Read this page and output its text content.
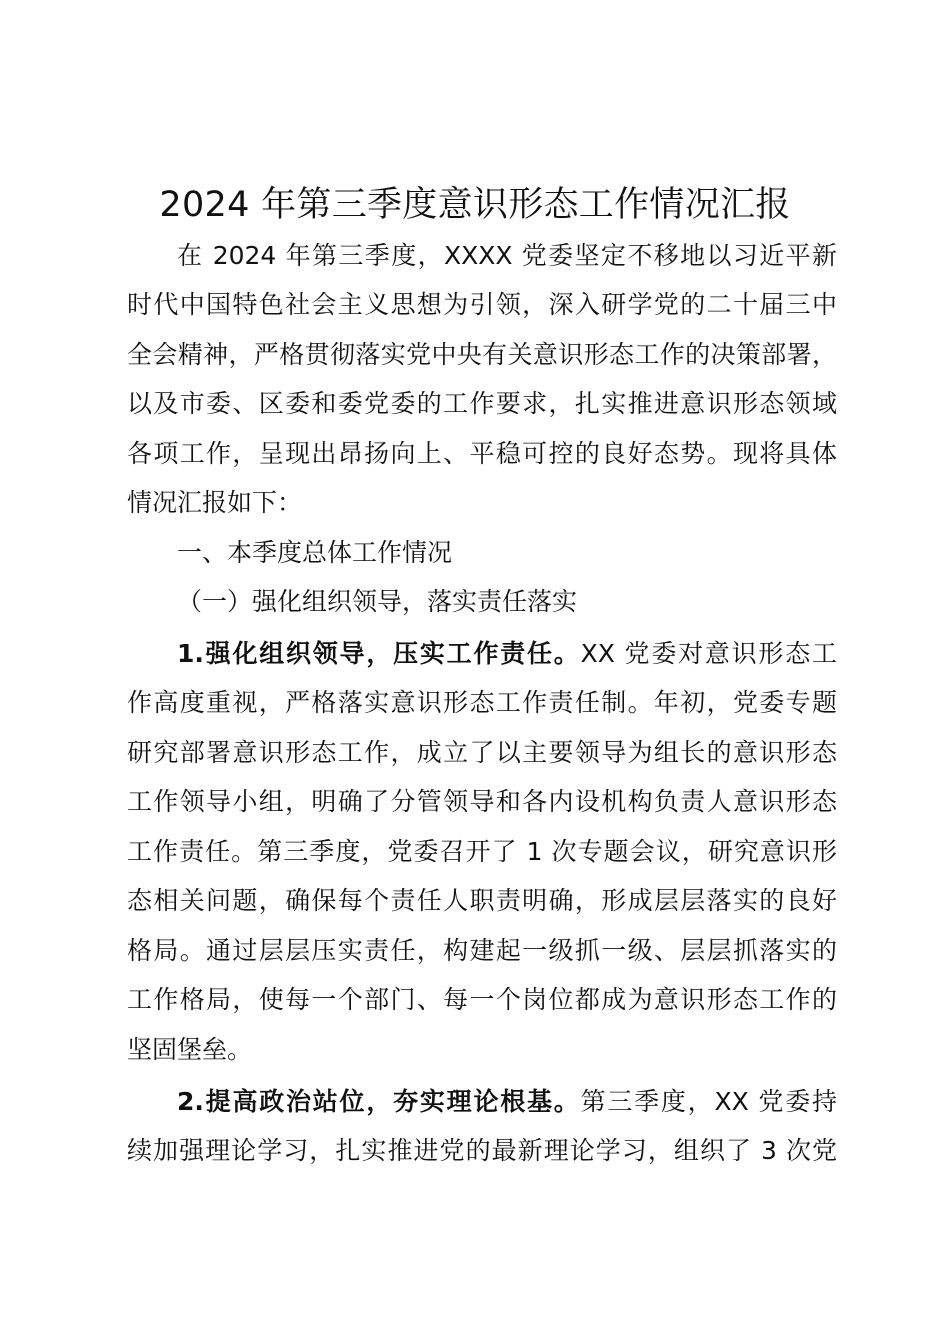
2024 年第三季度意识形态工作情况汇报
在 2024 年第三季度，XXXX 党委坚定不移地以习近平新
时代中国特色社会主义思想为引领，深入研学党的二十届三中
全会精神，严格贯彻落实党中央有关意识形态工作的决策部署，
以及市委、区委和委党委的工作要求，扎实推进意识形态领域
各项工作，呈现出昂扬向上、平稳可控的良好态势。现将具体
情况汇报如下：
一、本季度总体工作情况
（一）强化组织领导，落实责任落实
1.强化组织领导，压实工作责任。XX 党委对意识形态工
作高度重视，严格落实意识形态工作责任制。年初，党委专题
研究部署意识形态工作，成立了以主要领导为组长的意识形态
工作领导小组，明确了分管领导和各内设机构负责人意识形态
工作责任。第三季度，党委召开了 1 次专题会议，研究意识形
态相关问题，确保每个责任人职责明确，形成层层落实的良好
格局。通过层层压实责任，构建起一级抓一级、层层抓落实的
工作格局，使每一个部门、每一个岗位都成为意识形态工作的
坚固堡垒。
2.提高政治站位，夯实理论根基。第三季度，XX 党委持
续加强理论学习，扎实推进党的最新理论学习，组织了 3 次党
